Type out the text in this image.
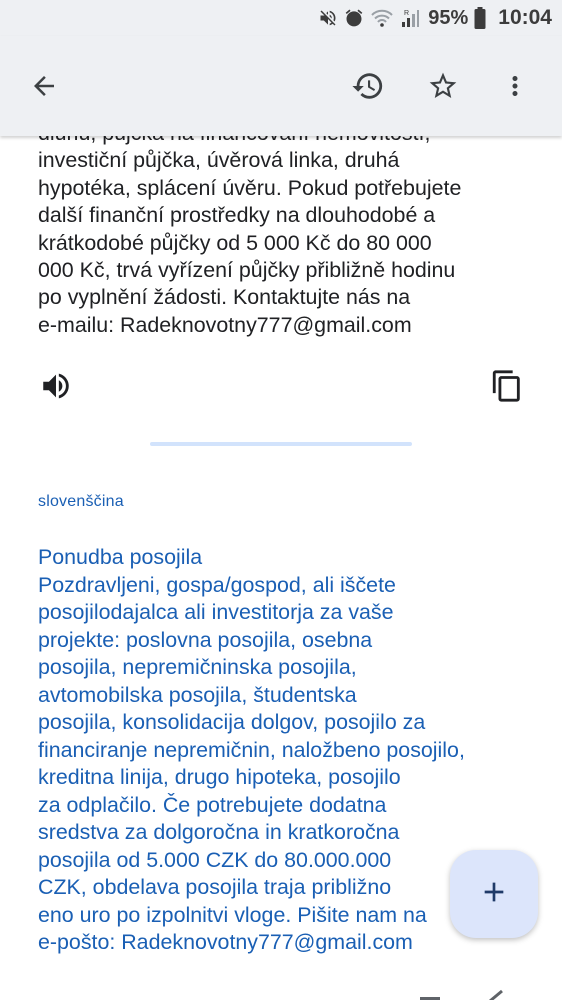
investiční půjčka, úvěrová linka, druhá
hypotéka, splácení úvěru. Pokud potřebujete
další finanční prostředky na dlouhodobé a
krátkodobé půjčky od 5 000 Kč do 80 000
000 Kč, trvá vyřízení půjčky přibližně hodinu
po vyplnění žádosti. Kontaktujte nás na
e-mailu: Radeknovotny777@gmail.com
slovenščina
Ponudba posojila
Pozdravljeni, gospa/gospod, ali iščete
posojilodajalca ali investitorja za vaše
projekte: poslovna posojila, osebna
posojila, nepremičninska posojila,
avtomobilska posojila, študentska
posojila, konsolidacija dolgov, posojilo za
financiranje nepremičnin, naložbeno posojilo,
kreditna linija, drugo hipoteka, posojilo
za odplačilo. Če potrebujete dodatna
sredstva za dolgoročna in kratkoročna
posojila od 5.000 CZK do 80.000.000
CZK, obdelava posojila traja približno
eno uro po izpolnitvi vloge. Pišite nam na
e-pošto: Radeknovotny777@gmail.com
R 95% 10:04
